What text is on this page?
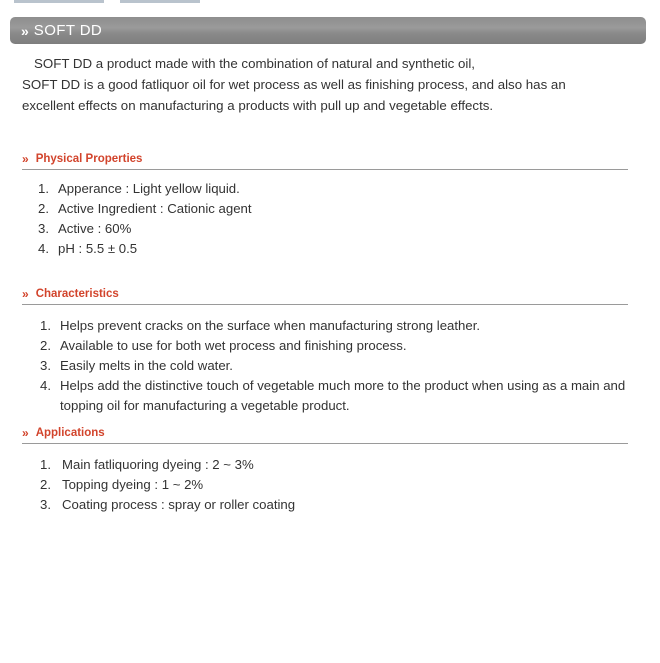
» SOFT DD
SOFT DD a product made with the combination of natural and synthetic oil,
SOFT DD is a good fatliquor oil for wet process as well as finishing process, and also has an
excellent effects on manufacturing a products with pull up and vegetable effects.
» Physical Properties
1. Apperance : Light yellow liquid.
2. Active Ingredient : Cationic agent
3. Active : 60%
4. pH : 5.5 ± 0.5
» Characteristics
1. Helps prevent cracks on the surface when manufacturing strong leather.
2. Available to use for both wet process and finishing process.
3. Easily melts in the cold water.
4. Helps add the distinctive touch of vegetable much more to the product when using as a main and topping oil for manufacturing a vegetable product.
» Applications
1. Main fatliquoring dyeing : 2 ~ 3%
2. Topping dyeing : 1 ~ 2%
3. Coating process : spray or roller coating
